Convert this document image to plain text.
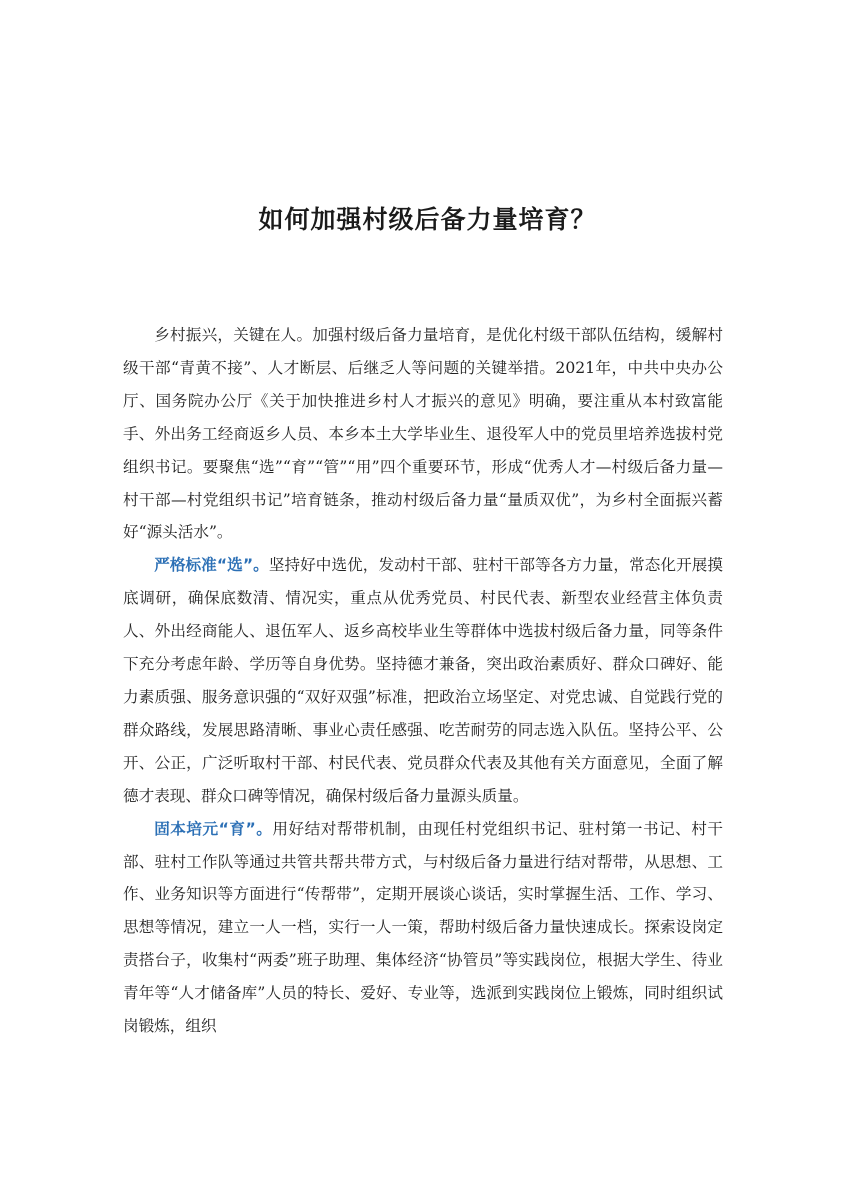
如何加强村级后备力量培育？

乡村振兴，关键在人。加强村级后备力量培育，是优化村级干部队伍结构，缓解村级干部“青黄不接”、人才断层、后继乏人等问题的关键举措。2021年，中共中央办公厅、国务院办公厅《关于加快推进乡村人才振兴的意见》明确，要注重从本村致富能手、外出务工经商返乡人员、本乡本土大学毕业生、退役军人中的党员里培养选拔村党组织书记。要聚焦“选”“育”“管”“用”四个重要环节，形成“优秀人才—村级后备力量—村干部—村党组织书记”培育链条，推动村级后备力量“量质双优”，为乡村全面振兴蓄好“源头活水”。

严格标准“选”。坚持好中选优，发动村干部、驻村干部等各方力量，常态化开展摸底调研，确保底数清、情况实，重点从优秀党员、村民代表、新型农业经营主体负责人、外出经商能人、退伍军人、返乡高校毕业生等群体中选拔村级后备力量，同等条件下充分考虑年龄、学历等自身优势。坚持德才兼备，突出政治素质好、群众口碑好、能力素质强、服务意识强的“双好双强”标准，把政治立场坚定、对党忠诚、自觉践行党的群众路线，发展思路清晰、事业心责任感强、吃苦耐劳的同志选入队伍。坚持公平、公开、公正，广泛听取村干部、村民代表、党员群众代表及其他有关方面意见，全面了解德才表现、群众口碑等情况，确保村级后备力量源头质量。

固本培元“育”。用好结对帮带机制，由现任村党组织书记、驻村第一书记、村干部、驻村工作队等通过共管共帮共带方式，与村级后备力量进行结对帮带，从思想、工作、业务知识等方面进行“传帮带”，定期开展谈心谈话，实时掌握生活、工作、学习、思想等情况，建立一人一档，实行一人一策，帮助村级后备力量快速成长。探索设岗定责搭台子，收集村“两委”班子助理、集体经济“协管员”等实践岗位，根据大学生、待业青年等“人才储备库”人员的特长、爱好、专业等，选派到实践岗位上锻炼，同时组织试岗锻炼，组织
